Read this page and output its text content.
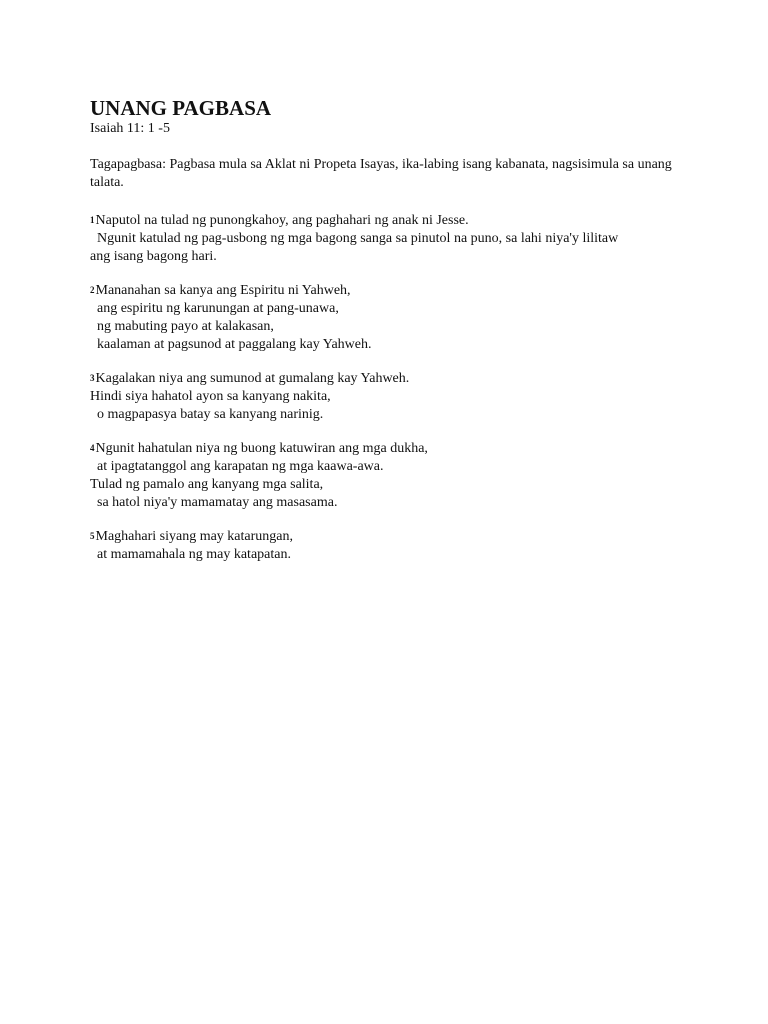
UNANG PAGBASA

Isaiah 11: 1 -5

Tagapagbasa: Pagbasa mula sa Aklat ni Propeta Isayas, ika-labing isang kabanata, nagsisimula sa unang talata.

$^1$Naputol na tulad ng punongkahoy, ang paghahari ng anak ni Jesse.
Ngunit katulad ng pag-usbong ng mga bagong sanga sa pinutol na puno, sa lahi niya'y lilitaw
ang isang bagong hari.
$^2$Mananahan sa kanya ang Espiritu ni Yahweh,
ang espiritu ng karunungan at pang-unawa,
ng mabuting payo at kalakasan,
kaalaman at pagsunod at paggalang kay Yahweh.
$^3$Kagalakan niya ang sumunod at gumalang kay Yahweh.
Hindi siya hahatol ayon sa kanyang nakita,
o magpapasya batay sa kanyang narinig.
$^4$Ngunit hahatulan niya ng buong katuwiran ang mga dukha,
at ipagtatanggol ang karapatan ng mga kaawa-awa.
Tulad ng pamalo ang kanyang mga salita,
sa hatol niya'y mamamatay ang masasama.
$^5$Maghahari siyang may katarungan,
at mamamahala ng may katapatan.
